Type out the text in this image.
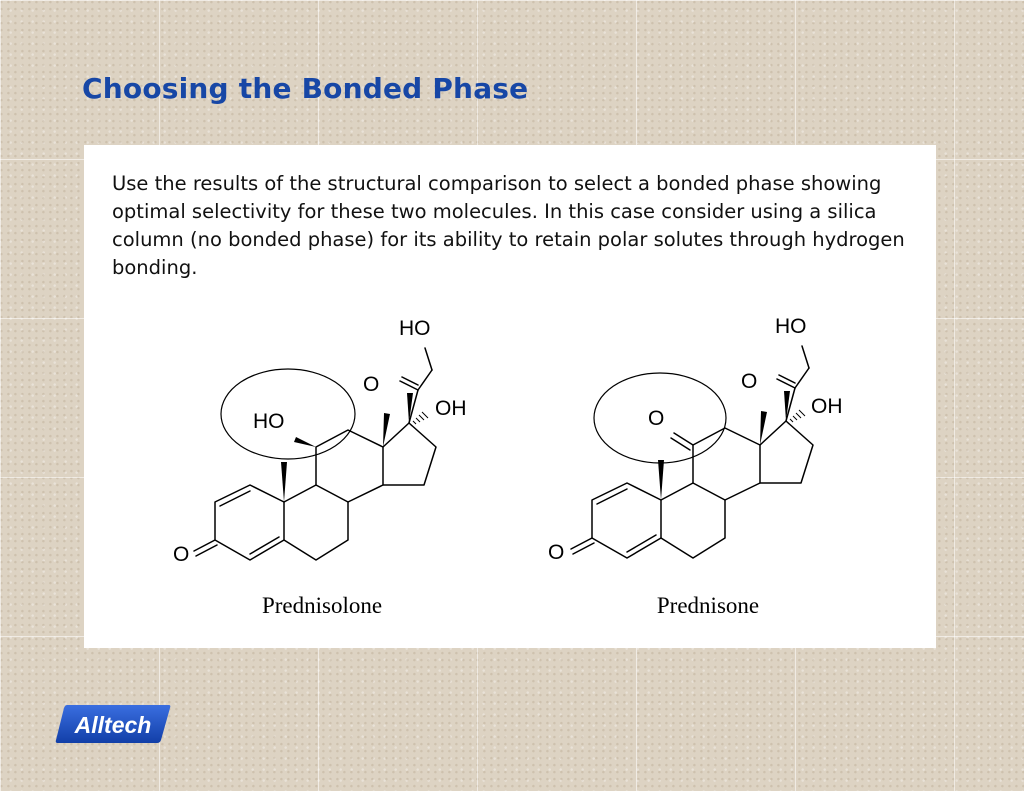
Choosing the Bonded Phase

Use the results of the structural comparison to select a bonded phase showing optimal selectivity for these two molecules. In this case consider using a silica column (no bonded phase) for its ability to retain polar solutes through hydrogen bonding.

HO
O
OH
HO
O
Prednisolone
HO
O
OH
O
O
Prednisone
Alltech
